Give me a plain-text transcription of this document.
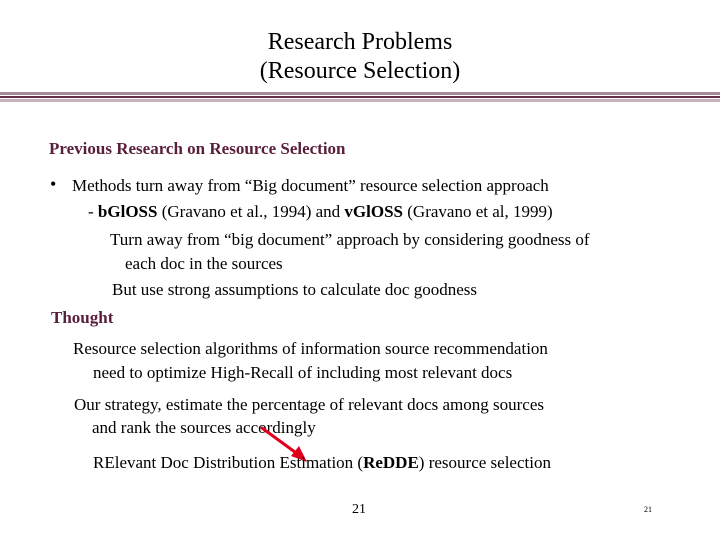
Research Problems
(Resource Selection)
Previous Research on Resource Selection
• Methods turn away from “Big document” resource selection approach
- bGlOSS (Gravano et al., 1994) and vGlOSS (Gravano et al, 1999)
Turn away from “big document” approach by considering goodness of
each doc in the sources
But use strong assumptions to calculate doc goodness
Thought
Resource selection algorithms of information source recommendation
need to optimize High-Recall of including most relevant docs
Our strategy, estimate the percentage of relevant docs among sources
and rank the sources accordingly
RElevant Doc Distribution Estimation (ReDDE) resource selection
21	21
